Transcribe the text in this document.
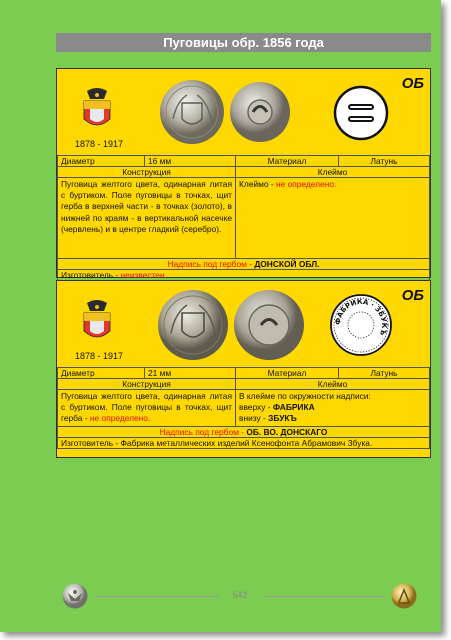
Пуговицы обр. 1856 года
1878 - 1917
ОБ
Диаметр	16 мм	Материал	Латунь
Конструкция		Клеймо	
Пуговица желтого цвета, одинарная литая с буртиком. Поле пуговицы в точках, щит герба в верхней части - в точках (золото), в нижней по краям - в вертикальной насечке (червлень) и в центре гладкий (серебро).		Клеймо - не определено.	
Надпись под гербом - ДОНСКОЙ ОБЛ.			
Изготовитель - неизвестен.			
1878 - 1917
ФАБРИКА · ЗБУКЪ
ОБ
Диаметр	21 мм	Материал	Латунь
Конструкция		Клеймо	
Пуговица желтого цвета, одинарная литая с буртиком. Поле пуговицы в точках, щит герба - не определено.		В клейме по окружности надписи:
вверху - ФАБРИКА
внизу - ЗБУКЪ	

Надпись под гербом - ОБ. ВО. ДОНСКАГО			
Изготовитель - Фабрика металлических изделий Ксенофонта Абрамович Збука.			
542
